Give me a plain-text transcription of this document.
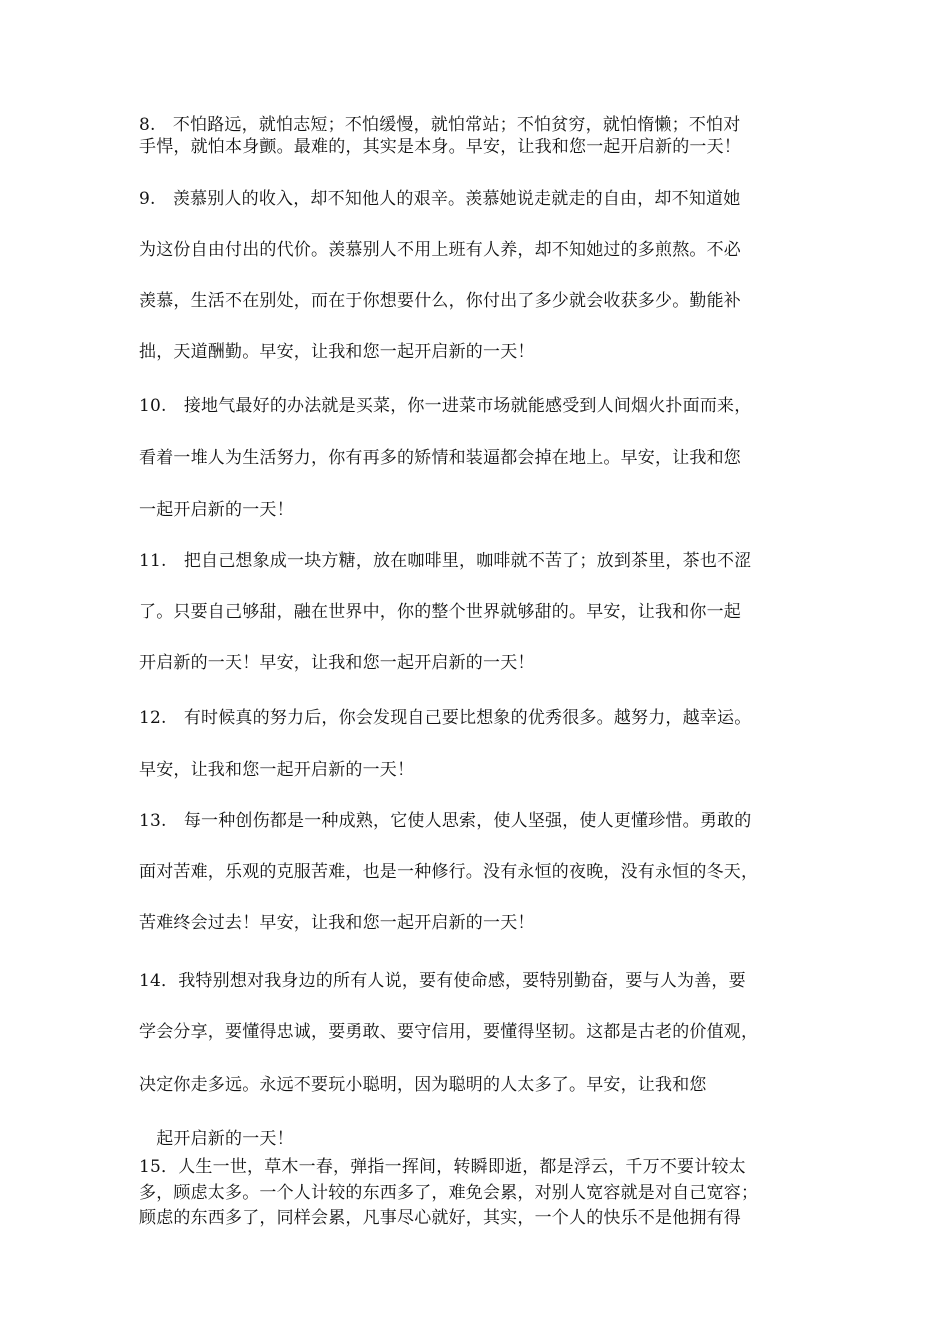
8.　不怕路远，就怕志短；不怕缓慢，就怕常站；不怕贫穷，就怕惰懒；不怕对
手悍，就怕本身颤。最难的，其实是本身。早安，让我和您一起开启新的一天！
9.　羡慕别人的收入，却不知他人的艰辛。羡慕她说走就走的自由，却不知道她
为这份自由付出的代价。羡慕别人不用上班有人养，却不知她过的多煎熬。不必
羡慕，生活不在别处，而在于你想要什么，你付出了多少就会收获多少。勤能补
拙，天道酬勤。早安，让我和您一起开启新的一天！
10.　接地气最好的办法就是买菜，你一进菜市场就能感受到人间烟火扑面而来，
看着一堆人为生活努力，你有再多的矫情和装逼都会掉在地上。早安，让我和您
一起开启新的一天！
11.　把自己想象成一块方糖，放在咖啡里，咖啡就不苦了；放到茶里，茶也不涩
了。只要自己够甜，融在世界中，你的整个世界就够甜的。早安，让我和你一起
开启新的一天！早安，让我和您一起开启新的一天！
12.　有时候真的努力后，你会发现自己要比想象的优秀很多。越努力，越幸运。
早安，让我和您一起开启新的一天！
13.　每一种创伤都是一种成熟，它使人思索，使人坚强，使人更懂珍惜。勇敢的
面对苦难，乐观的克服苦难，也是一种修行。没有永恒的夜晚，没有永恒的冬天，
苦难终会过去！早安，让我和您一起开启新的一天！
14．我特别想对我身边的所有人说，要有使命感，要特别勤奋，要与人为善，要
学会分享，要懂得忠诚，要勇敢、要守信用，要懂得坚韧。这都是古老的价值观，
决定你走多远。永远不要玩小聪明，因为聪明的人太多了。早安，让我和您
　起开启新的一天！
15．人生一世，草木一春，弹指一挥间，转瞬即逝，都是浮云，千万不要计较太
多，顾虑太多。一个人计较的东西多了，难免会累，对别人宽容就是对自己宽容；
顾虑的东西多了，同样会累，凡事尽心就好，其实，一个人的快乐不是他拥有得
